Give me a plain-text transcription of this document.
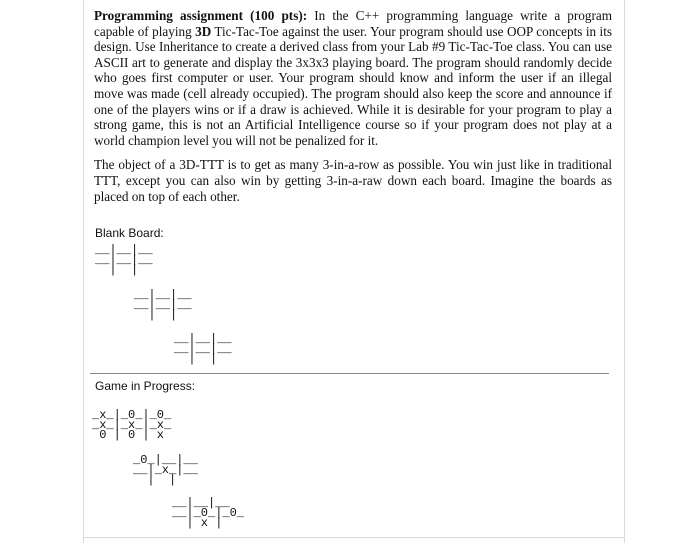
Programming assignment (100 pts): In the C++ programming language write a program capable of playing 3D Tic-Tac-Toe against the user. Your program should use OOP concepts in its design. Use Inheritance to create a derived class from your Lab #9 Tic-Tac-Toe class. You can use ASCII art to generate and display the 3x3x3 playing board. The program should randomly decide who goes first computer or user. Your program should know and inform the user if an illegal move was made (cell already occupied). The program should also keep the score and announce if one of the players wins or if a draw is achieved. While it is desirable for your program to play a strong game, this is not an Artificial Intelligence course so if your program does not play at a world champion level you will not be penalized for it.

The object of a 3D-TTT is to get as many 3-in-a-row as possible. You win just like in traditional TTT, except you can also win by getting 3-in-a-raw down each board. Imagine the boards as placed on top of each other.

Blank Board:

__|__|__
__|__|__
|  |
__|__|__
__|__|__
|  |
__|__|__
__|__|__
|  |

Game in Progress:

_x_|_0_|_0_
_x_|_x_|_x_
0 | 0 | x
_0_|__|__
__|_x_|__
|  |
__|__|__
__|_0_|_0_
| x |
